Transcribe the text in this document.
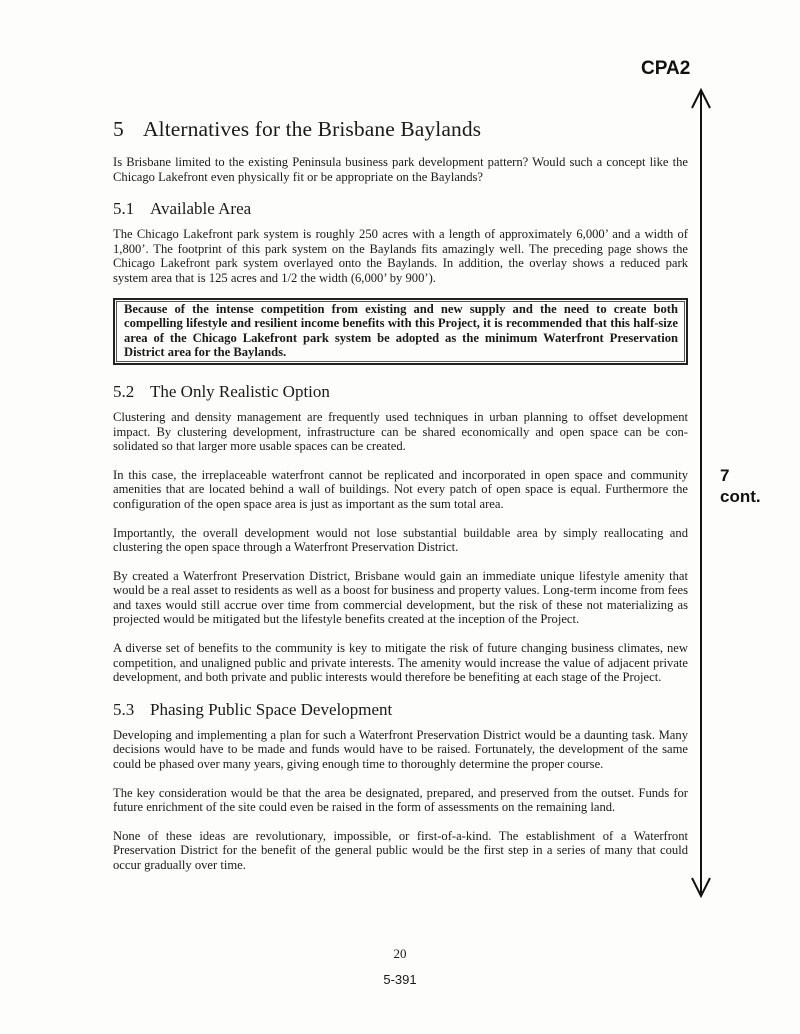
CPA2
7
cont.
5 Alternatives for the Brisbane Baylands

Is Brisbane limited to the existing Peninsula business park development pattern? Would such a concept like the Chicago Lakefront even physically fit or be appropriate on the Baylands?

5.1 Available Area

The Chicago Lakefront park system is roughly 250 acres with a length of approximately 6,000’ and a width of 1,800’. The footprint of this park system on the Baylands fits amazingly well. The preceding page shows the Chicago Lakefront park system overlayed onto the Baylands. In addition, the overlay shows a reduced park system area that is 125 acres and 1/2 the width (6,000’ by 900’).

Because of the intense competition from existing and new supply and the need to create both compelling lifestyle and resilient income benefits with this Project, it is recommended that this half-size area of the Chicago Lakefront park system be adopted as the minimum Waterfront Preservation District area for the Baylands.

5.2 The Only Realistic Option

Clustering and density management are frequently used techniques in urban planning to offset development impact. By clustering development, infrastructure can be shared economically and open space can be con-solidated so that larger more usable spaces can be created.

In this case, the irreplaceable waterfront cannot be replicated and incorporated in open space and community amenities that are located behind a wall of buildings. Not every patch of open space is equal. Furthermore the configuration of the open space area is just as important as the sum total area.

Importantly, the overall development would not lose substantial buildable area by simply reallocating and clustering the open space through a Waterfront Preservation District.

By created a Waterfront Preservation District, Brisbane would gain an immediate unique lifestyle amenity that would be a real asset to residents as well as a boost for business and property values. Long-term income from fees and taxes would still accrue over time from commercial development, but the risk of these not materializing as projected would be mitigated but the lifestyle benefits created at the inception of the Project.

A diverse set of benefits to the community is key to mitigate the risk of future changing business climates, new competition, and unaligned public and private interests. The amenity would increase the value of adjacent private development, and both private and public interests would therefore be benefiting at each stage of the Project.

5.3 Phasing Public Space Development

Developing and implementing a plan for such a Waterfront Preservation District would be a daunting task. Many decisions would have to be made and funds would have to be raised. Fortunately, the development of the same could be phased over many years, giving enough time to thoroughly determine the proper course.

The key consideration would be that the area be designated, prepared, and preserved from the outset. Funds for future enrichment of the site could even be raised in the form of assessments on the remaining land.

None of these ideas are revolutionary, impossible, or first-of-a-kind. The establishment of a Waterfront Preservation District for the benefit of the general public would be the first step in a series of many that could occur gradually over time.

20
5-391
